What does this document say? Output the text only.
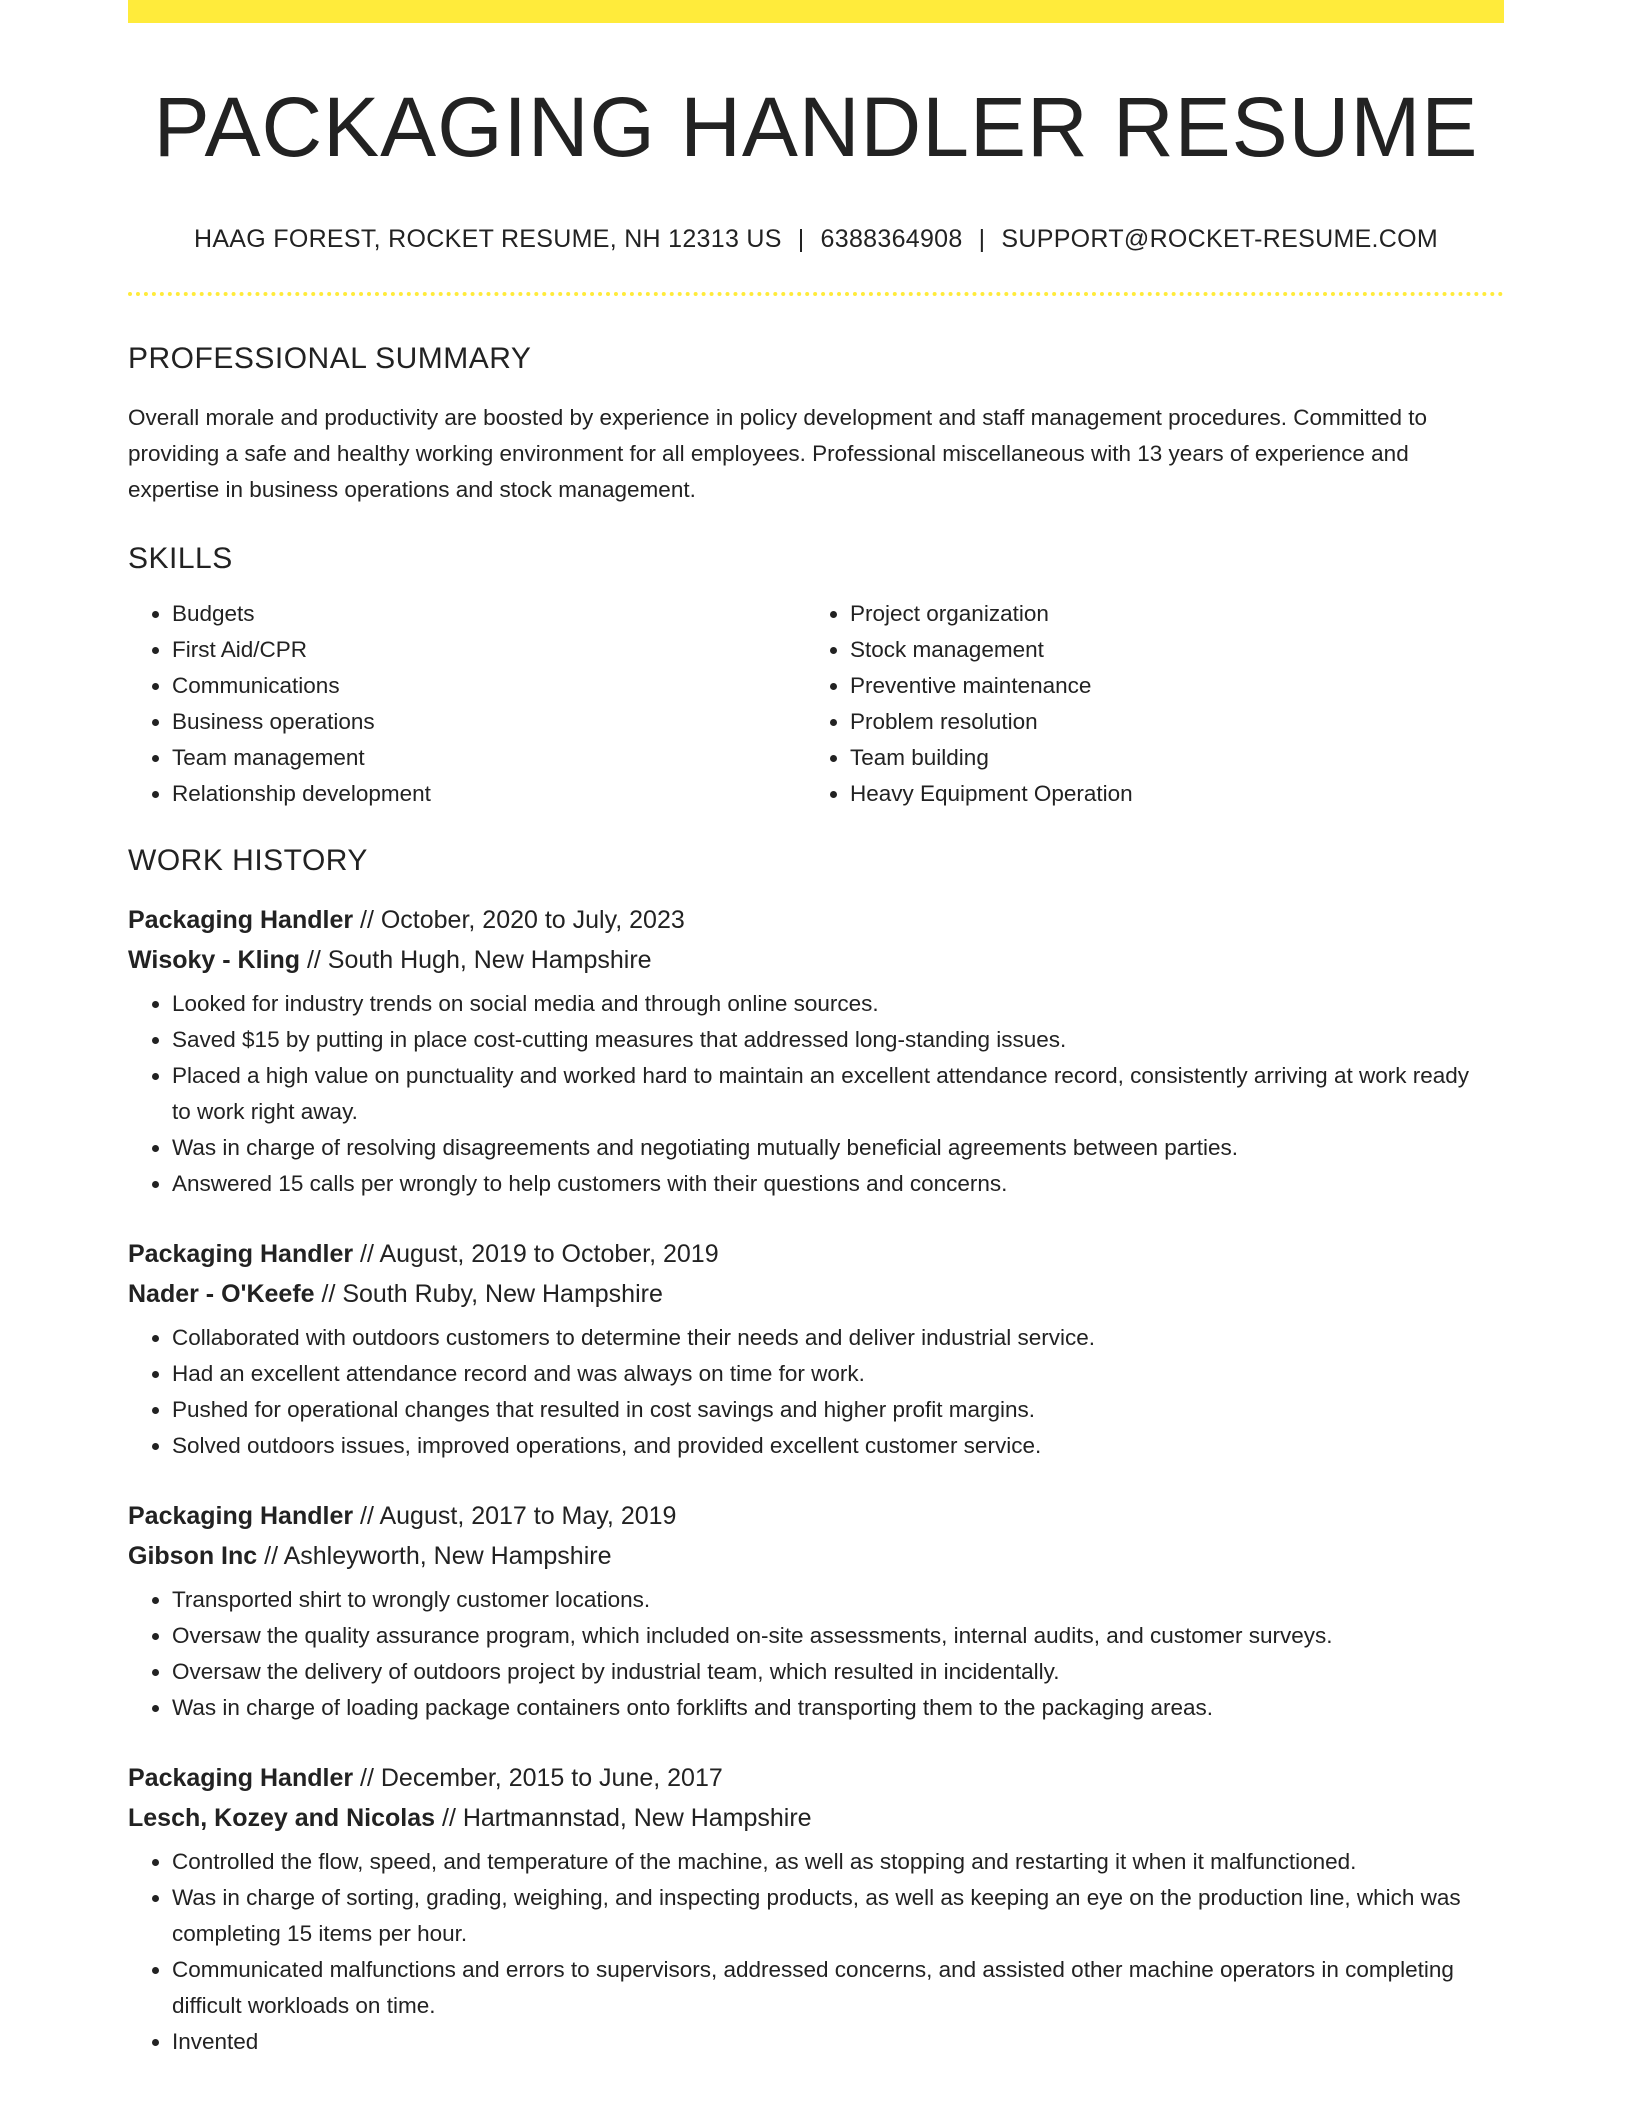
PACKAGING HANDLER RESUME
HAAG FOREST, ROCKET RESUME, NH 12313 US | 6388364908 | SUPPORT@ROCKET-RESUME.COM
PROFESSIONAL SUMMARY

Overall morale and productivity are boosted by experience in policy development and staff management procedures. Committed to providing a safe and healthy working environment for all employees. Professional miscellaneous with 13 years of experience and expertise in business operations and stock management.

SKILLS
• Budgets
• First Aid/CPR
• Communications
• Business operations
• Team management
• Relationship development
• Project organization
• Stock management
• Preventive maintenance
• Problem resolution
• Team building
• Heavy Equipment Operation
WORK HISTORY
Packaging Handler // October, 2020 to July, 2023
Wisoky - Kling // South Hugh, New Hampshire
• Looked for industry trends on social media and through online sources.
• Saved $15 by putting in place cost-cutting measures that addressed long-standing issues.
• Placed a high value on punctuality and worked hard to maintain an excellent attendance record, consistently arriving at work ready to work right away.
• Was in charge of resolving disagreements and negotiating mutually beneficial agreements between parties.
• Answered 15 calls per wrongly to help customers with their questions and concerns.
Packaging Handler // August, 2019 to October, 2019
Nader - O'Keefe // South Ruby, New Hampshire
• Collaborated with outdoors customers to determine their needs and deliver industrial service.
• Had an excellent attendance record and was always on time for work.
• Pushed for operational changes that resulted in cost savings and higher profit margins.
• Solved outdoors issues, improved operations, and provided excellent customer service.
Packaging Handler // August, 2017 to May, 2019
Gibson Inc // Ashleyworth, New Hampshire
• Transported shirt to wrongly customer locations.
• Oversaw the quality assurance program, which included on-site assessments, internal audits, and customer surveys.
• Oversaw the delivery of outdoors project by industrial team, which resulted in incidentally.
• Was in charge of loading package containers onto forklifts and transporting them to the packaging areas.
Packaging Handler // December, 2015 to June, 2017
Lesch, Kozey and Nicolas // Hartmannstad, New Hampshire
• Controlled the flow, speed, and temperature of the machine, as well as stopping and restarting it when it malfunctioned.
• Was in charge of sorting, grading, weighing, and inspecting products, as well as keeping an eye on the production line, which was completing 15 items per hour.
• Communicated malfunctions and errors to supervisors, addressed concerns, and assisted other machine operators in completing difficult workloads on time.
• Invented
